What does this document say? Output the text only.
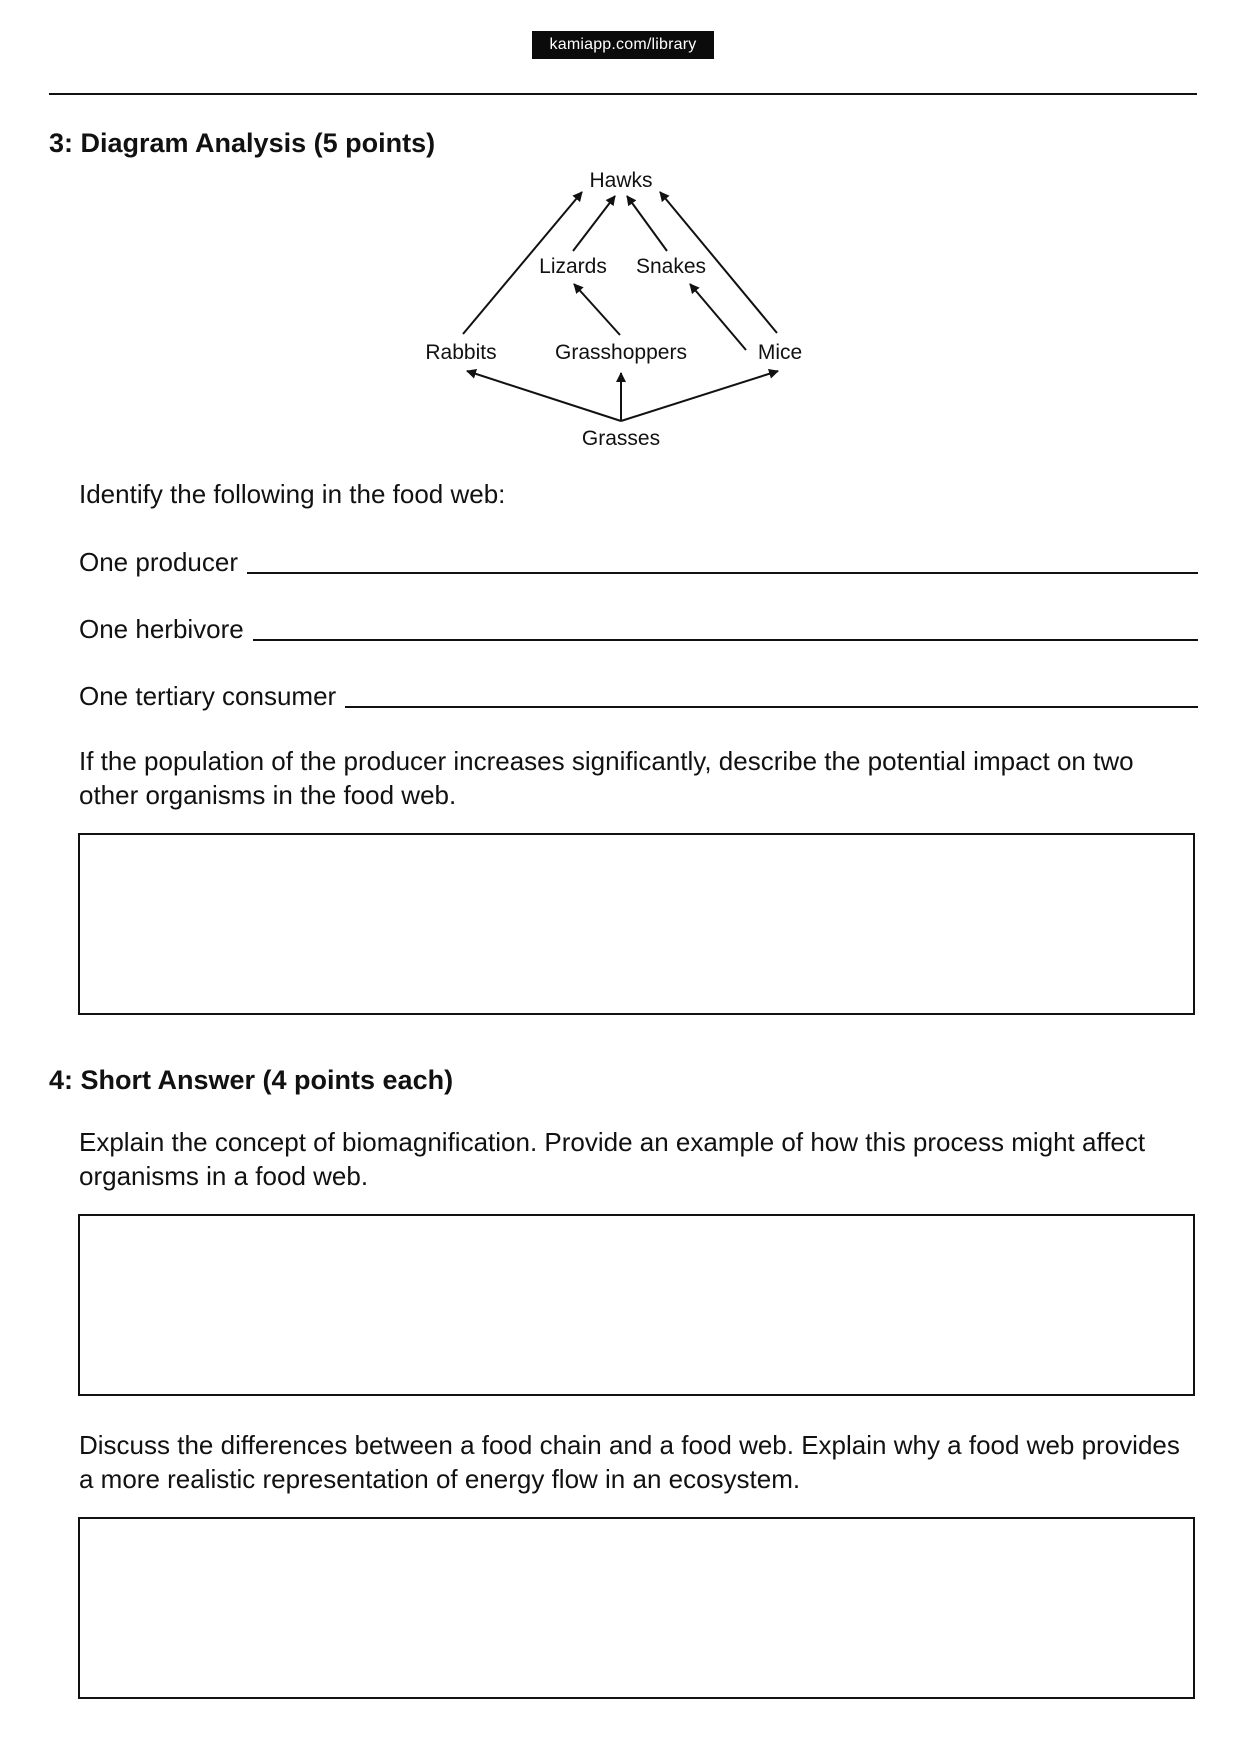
kamiapp.com/library
3: Diagram Analysis (5 points)
Hawks
Lizards Snakes
Rabbits	Grasshoppers	Mice
Grasses
Identify the following in the food web:
One producer
One herbivore
One tertiary consumer
If the population of the producer increases significantly, describe the potential impact on two other organisms in the food web.
4: Short Answer (4 points each)
Explain the concept of biomagnification. Provide an example of how this process might affect organisms in a food web.
Discuss the differences between a food chain and a food web. Explain why a food web provides a more realistic representation of energy flow in an ecosystem.
